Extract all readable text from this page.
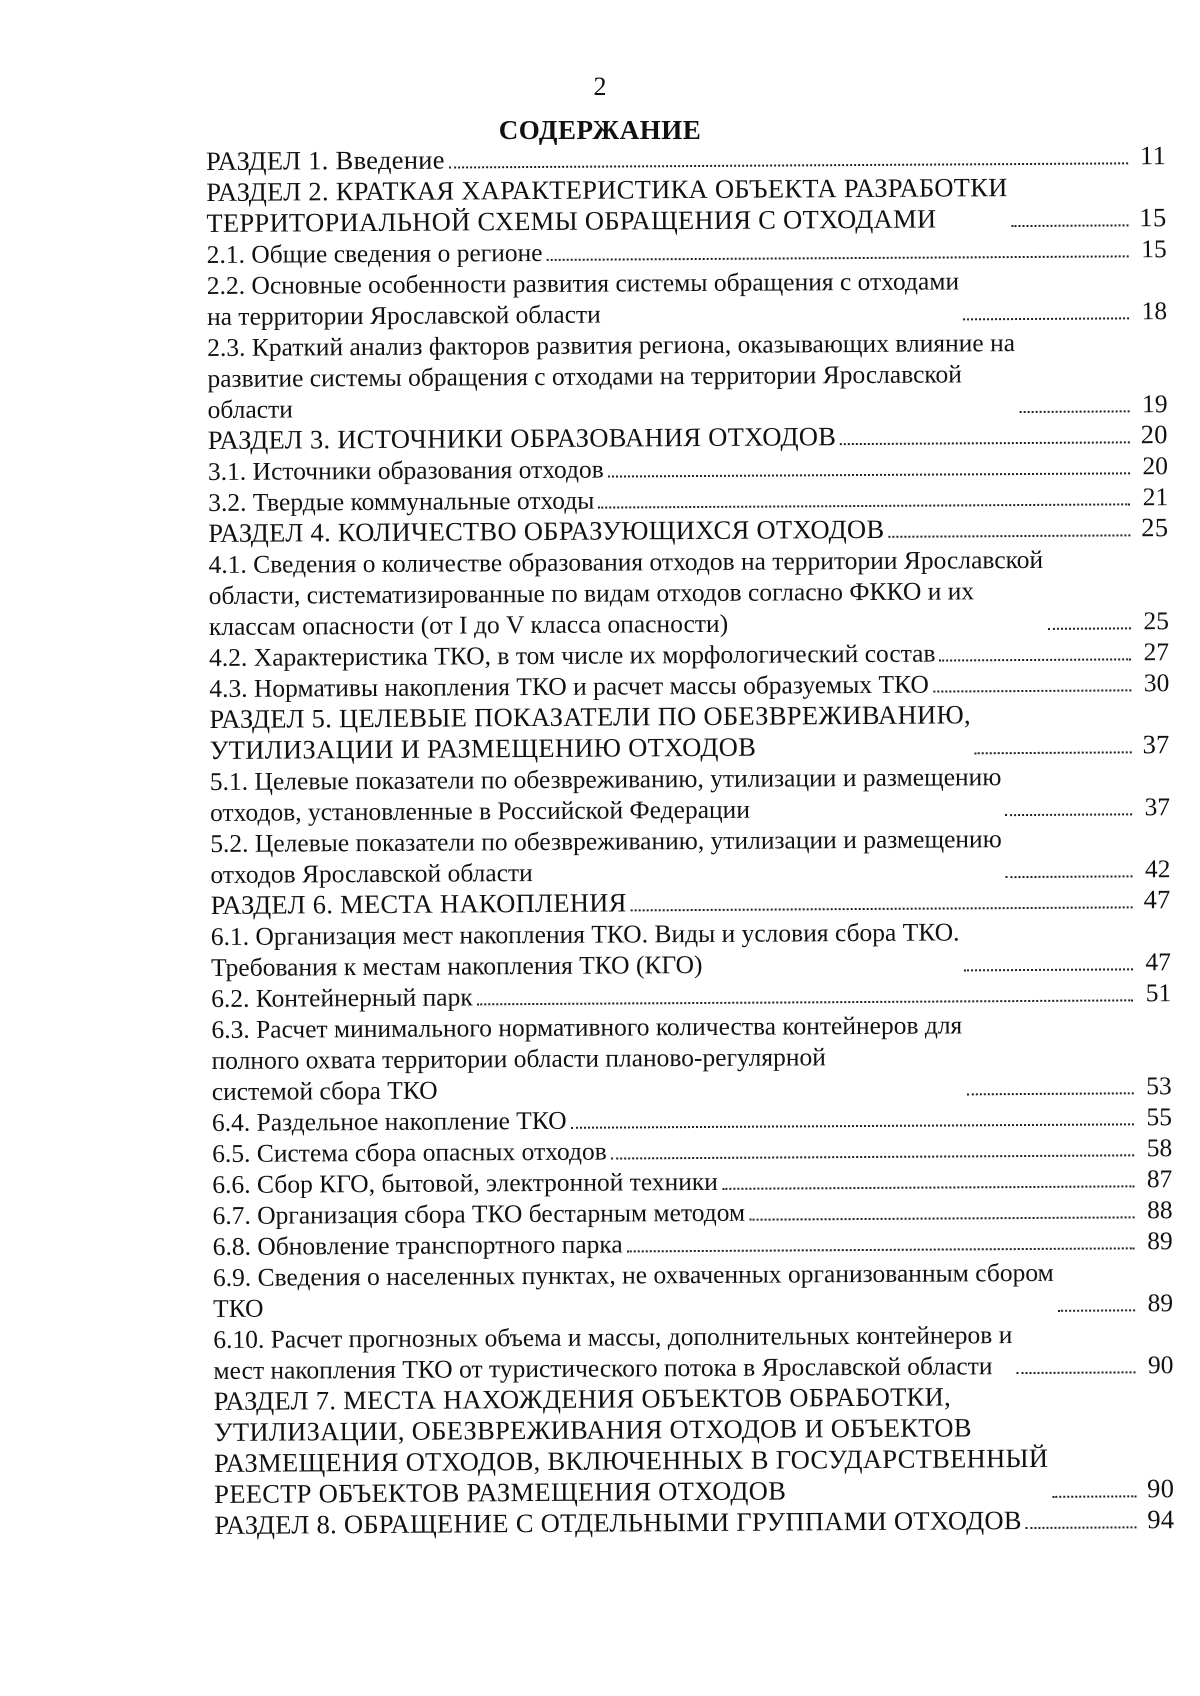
2
СОДЕРЖАНИЕ
РАЗДЕЛ 1. Введение	11
РАЗДЕЛ 2. КРАТКАЯ ХАРАКТЕРИСТИКА ОБЪЕКТА РАЗРАБОТКИ
ТЕРРИТОРИАЛЬНОЙ СХЕМЫ ОБРАЩЕНИЯ С ОТХОДАМИ	15
2.1. Общие сведения о регионе	15
2.2. Основные особенности развития системы обращения с отходами
на территории Ярославской области	18
2.3. Краткий анализ факторов развития региона, оказывающих влияние на
развитие системы обращения с отходами на территории Ярославской
области	19
РАЗДЕЛ 3. ИСТОЧНИКИ ОБРАЗОВАНИЯ ОТХОДОВ	20
3.1. Источники образования отходов	20
3.2. Твердые коммунальные отходы	21
РАЗДЕЛ 4. КОЛИЧЕСТВО ОБРАЗУЮЩИХСЯ ОТХОДОВ	25
4.1. Сведения о количестве образования отходов на территории Ярославской
области, систематизированные по видам отходов согласно ФККО и их
классам опасности (от I до V класса опасности)	25
4.2. Характеристика ТКО, в том числе их морфологический состав	27
4.3. Нормативы накопления ТКО и расчет массы образуемых ТКО	30
РАЗДЕЛ 5. ЦЕЛЕВЫЕ ПОКАЗАТЕЛИ ПО ОБЕЗВРЕЖИВАНИЮ,
УТИЛИЗАЦИИ И РАЗМЕЩЕНИЮ ОТХОДОВ	37
5.1. Целевые показатели по обезвреживанию, утилизации и размещению
отходов, установленные в Российской Федерации	37
5.2. Целевые показатели по обезвреживанию, утилизации и размещению
отходов Ярославской области	42
РАЗДЕЛ 6. МЕСТА НАКОПЛЕНИЯ	47
6.1. Организация мест накопления ТКО. Виды и условия сбора ТКО.
Требования к местам накопления ТКО (КГО)	47
6.2. Контейнерный парк	51
6.3. Расчет минимального нормативного количества контейнеров для
полного охвата территории области планово-регулярной
системой сбора ТКО	53
6.4. Раздельное накопление ТКО	55
6.5. Система сбора опасных отходов	58
6.6. Сбор КГО, бытовой, электронной техники	87
6.7. Организация сбора ТКО бестарным методом	88
6.8. Обновление транспортного парка	89
6.9. Сведения о населенных пунктах, не охваченных организованным сбором
ТКО	89
6.10. Расчет прогнозных объема и массы, дополнительных контейнеров и
мест накопления ТКО от туристического потока в Ярославской области	90
РАЗДЕЛ 7. МЕСТА НАХОЖДЕНИЯ ОБЪЕКТОВ ОБРАБОТКИ,
УТИЛИЗАЦИИ, ОБЕЗВРЕЖИВАНИЯ ОТХОДОВ И ОБЪЕКТОВ
РАЗМЕЩЕНИЯ ОТХОДОВ, ВКЛЮЧЕННЫХ В ГОСУДАРСТВЕННЫЙ
РЕЕСТР ОБЪЕКТОВ РАЗМЕЩЕНИЯ ОТХОДОВ	90
РАЗДЕЛ 8. ОБРАЩЕНИЕ С ОТДЕЛЬНЫМИ ГРУППАМИ ОТХОДОВ	94
